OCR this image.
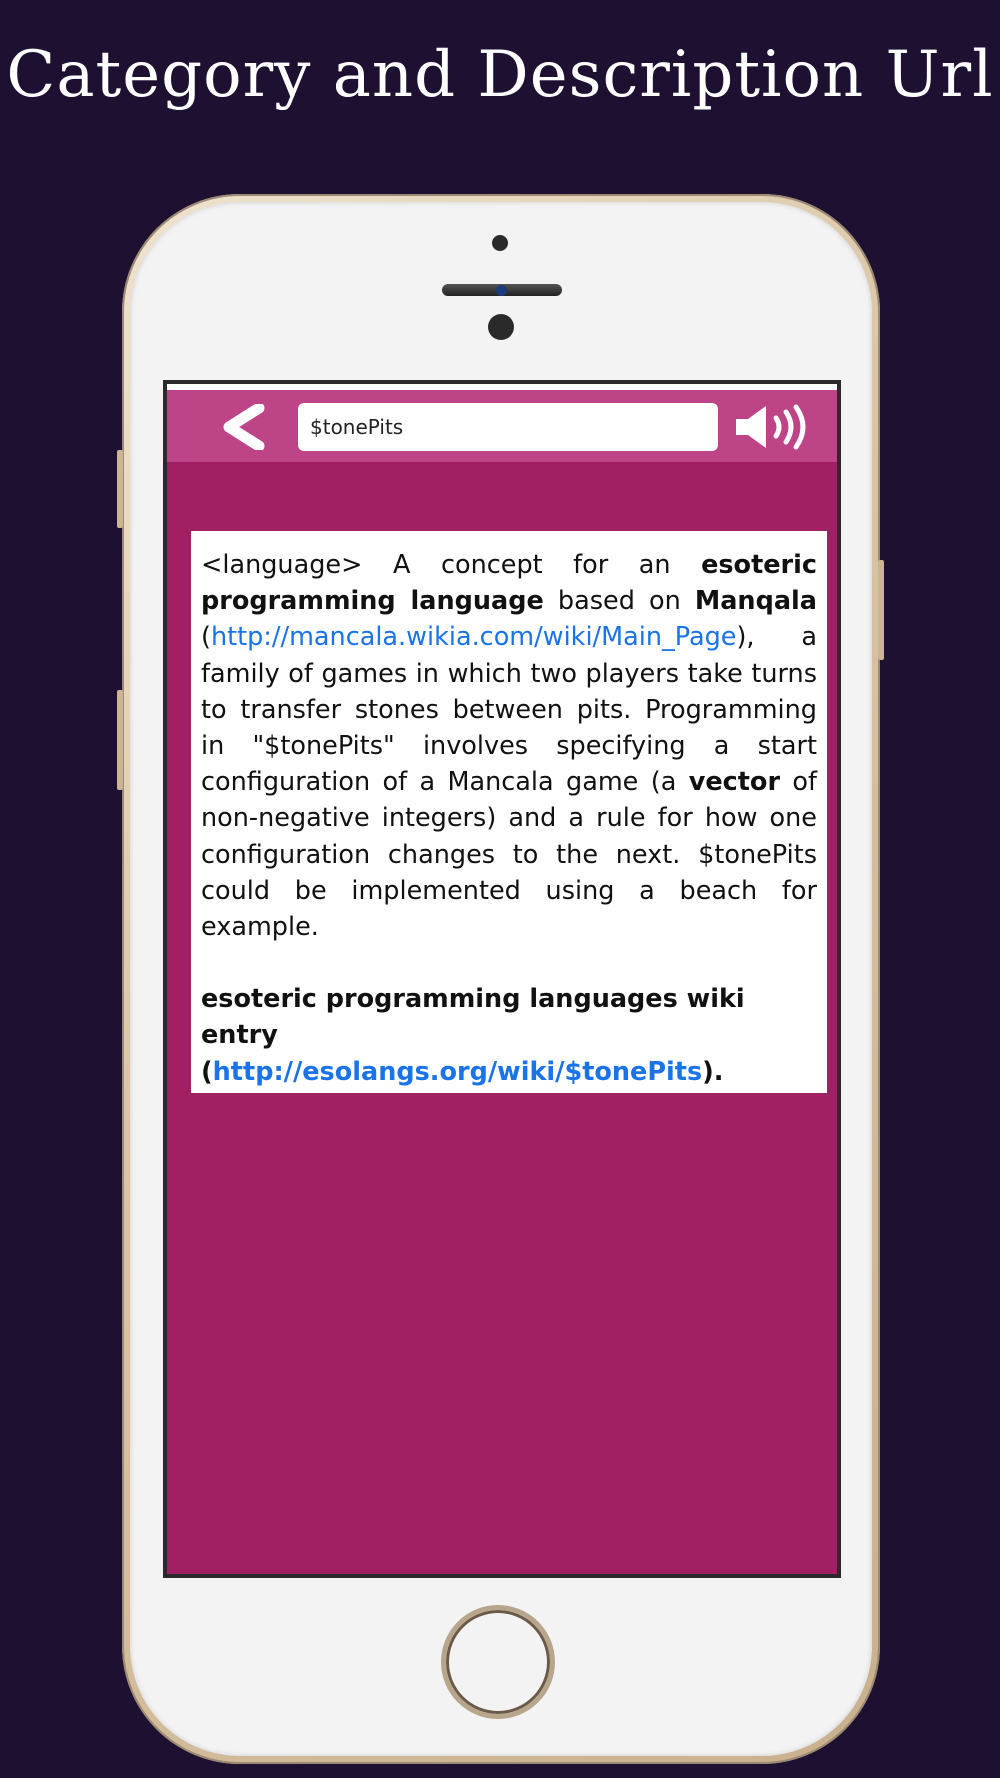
Category and Description Url
$tonePits

<language> A concept for an esoteric programming language based on Manqala (http://mancala.wikia.com/wiki/Main_Page), a family of games in which two players take turns to transfer stones between pits. Programming in "$tonePits" involves specifying a start configuration of a Mancala game (a vector of non-negative integers) and a rule for how one configuration changes to the next. $tonePits could be implemented using a beach for example.

esoteric programming languages wiki entry
(http://esolangs.org/wiki/$tonePits).
